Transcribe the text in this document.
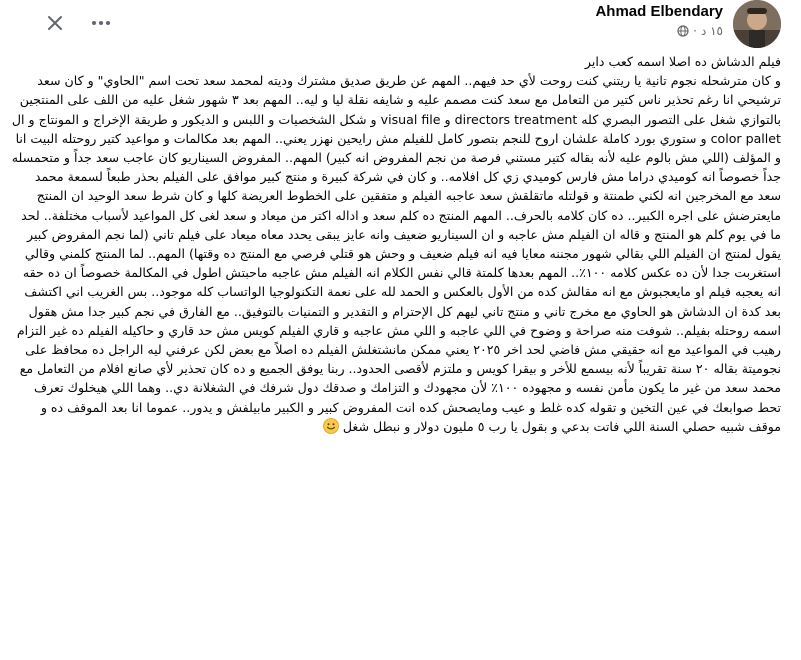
Ahmad Elbendary
١٥ د
·

فيلم الدشاش ده اصلا اسمه كعب داير
و كان مترشحله نجوم تانية يا ريتني كنت روحت لأي حد فيهم.. المهم عن طريق صديق مشترك وديته لمحمد سعد تحت اسم "الحاوي" و كان سعد ترشيحي انا رغم تحذير ناس كتير من التعامل مع سعد كنت مصمم عليه و شايفه نقلة ليا و ليه.. المهم بعد ٣ شهور شغل عليه من اللف على المنتجين بالتوازي شغل على التصور البصري كله directors treatment و visual file و شكل الشخصيات و اللبس و الديكور و طريقة الإخراج و المونتاج و ال color pallet و ستوري بورد كاملة علشان اروح للنجم بتصور كامل للفيلم مش رايحين نهزر يعني.. المهم بعد مكالمات و مواعيد كتير روحتله البيت انا و المؤلف (اللي مش بالوم عليه لأنه بقاله كتير مستني فرصة من نجم المفروض انه كبير) المهم.. المفروض السيناريو كان عاجب سعد جداً و متحمسله جداً خصوصاً انه كوميدي دراما مش فارس كوميدي زي كل افلامه.. و كان في شركة كبيرة و منتج كبير موافق على الفيلم بحذر طبعاً لسمعة محمد سعد مع المخرجين انه لكني طمنتة و قولتله ماتقلقش سعد عاجبه الفيلم و متفقين على الخطوط العريضة كلها و كان شرط سعد الوحيد ان المنتج مايعترضش على اجره الكبير.. ده كان كلامه بالحرف.. المهم المنتج ده كلم سعد و اداله اكتر من ميعاد و سعد لغى كل المواعيد لأسباب مختلفة.. لحد ما في يوم كلم هو المنتج و قاله ان الفيلم مش عاجبه و ان السيناريو ضعيف وانه عايز يبقى يحدد معاه ميعاد على فيلم تاني (لما نجم المفروض كبير يقول لمنتج ان الفيلم اللي بقالي شهور مجننه معايا فيه انه فيلم ضعيف و وحش هو قتلي فرصي مع المنتج ده وقتها) المهم.. لما المنتج كلمني وقالي استغربت جدا لأن ده عكس كلامه ١٠٠٪.. المهم بعدها كلمتة قالي نفس الكلام انه الفيلم مش عاجبه ماحبتش اطول في المكالمة خصوصاً ان ده حقه انه يعجبه فيلم او مايعجبوش مع انه مقالش كده من الأول بالعكس و الحمد لله على نعمة التكنولوجيا الواتساب كله موجود.. بس الغريب اني اكتشف بعد كدة ان الدشاش هو الحاوي مع مخرج تاني و منتج تاني ليهم كل الإحترام و التقدير و التمنيات بالتوفيق.. مع الفارق في نجم كبير جدا مش هقول اسمه روحتله بفيلم.. شوفت منه صراحة و وضوح في اللي عاجبه و اللي مش عاجبه و قاري الفيلم كويس مش حد قاري و حاكيله الفيلم ده غير التزام رهيب في المواعيد مع انه حقيقي مش فاضي لحد اخر ٢٠٢٥ يعني ممكن مانشتغلش الفيلم ده اصلاً مع بعض لكن عرفني ليه الراجل ده محافظ على نجوميتة بقاله ٢٠ سنة تقريباً لأنه بيسمع للأخر و بيقرا كويس و ملتزم لأقصى الحدود.. ربنا يوفق الجميع و ده كان تحذير لأي صانع افلام من التعامل مع محمد سعد من غير ما يكون مأمن نفسه و مجهوده ١٠٠٪ لأن مجهودك و التزامك و صدقك دول شرفك في الشغلانة دي.. وهما اللي هيخلوك تعرف تحط صوابعك في عين التخين و تقوله كده غلط و عيب ومايصحش كده انت المفروض كبير و الكبير مابيلفش و يدور.. عموما انا بعد الموقف ده و موقف شبيه حصلي السنة اللي فاتت بدعي و بقول يا رب ٥ مليون دولار و نبطل شغل
